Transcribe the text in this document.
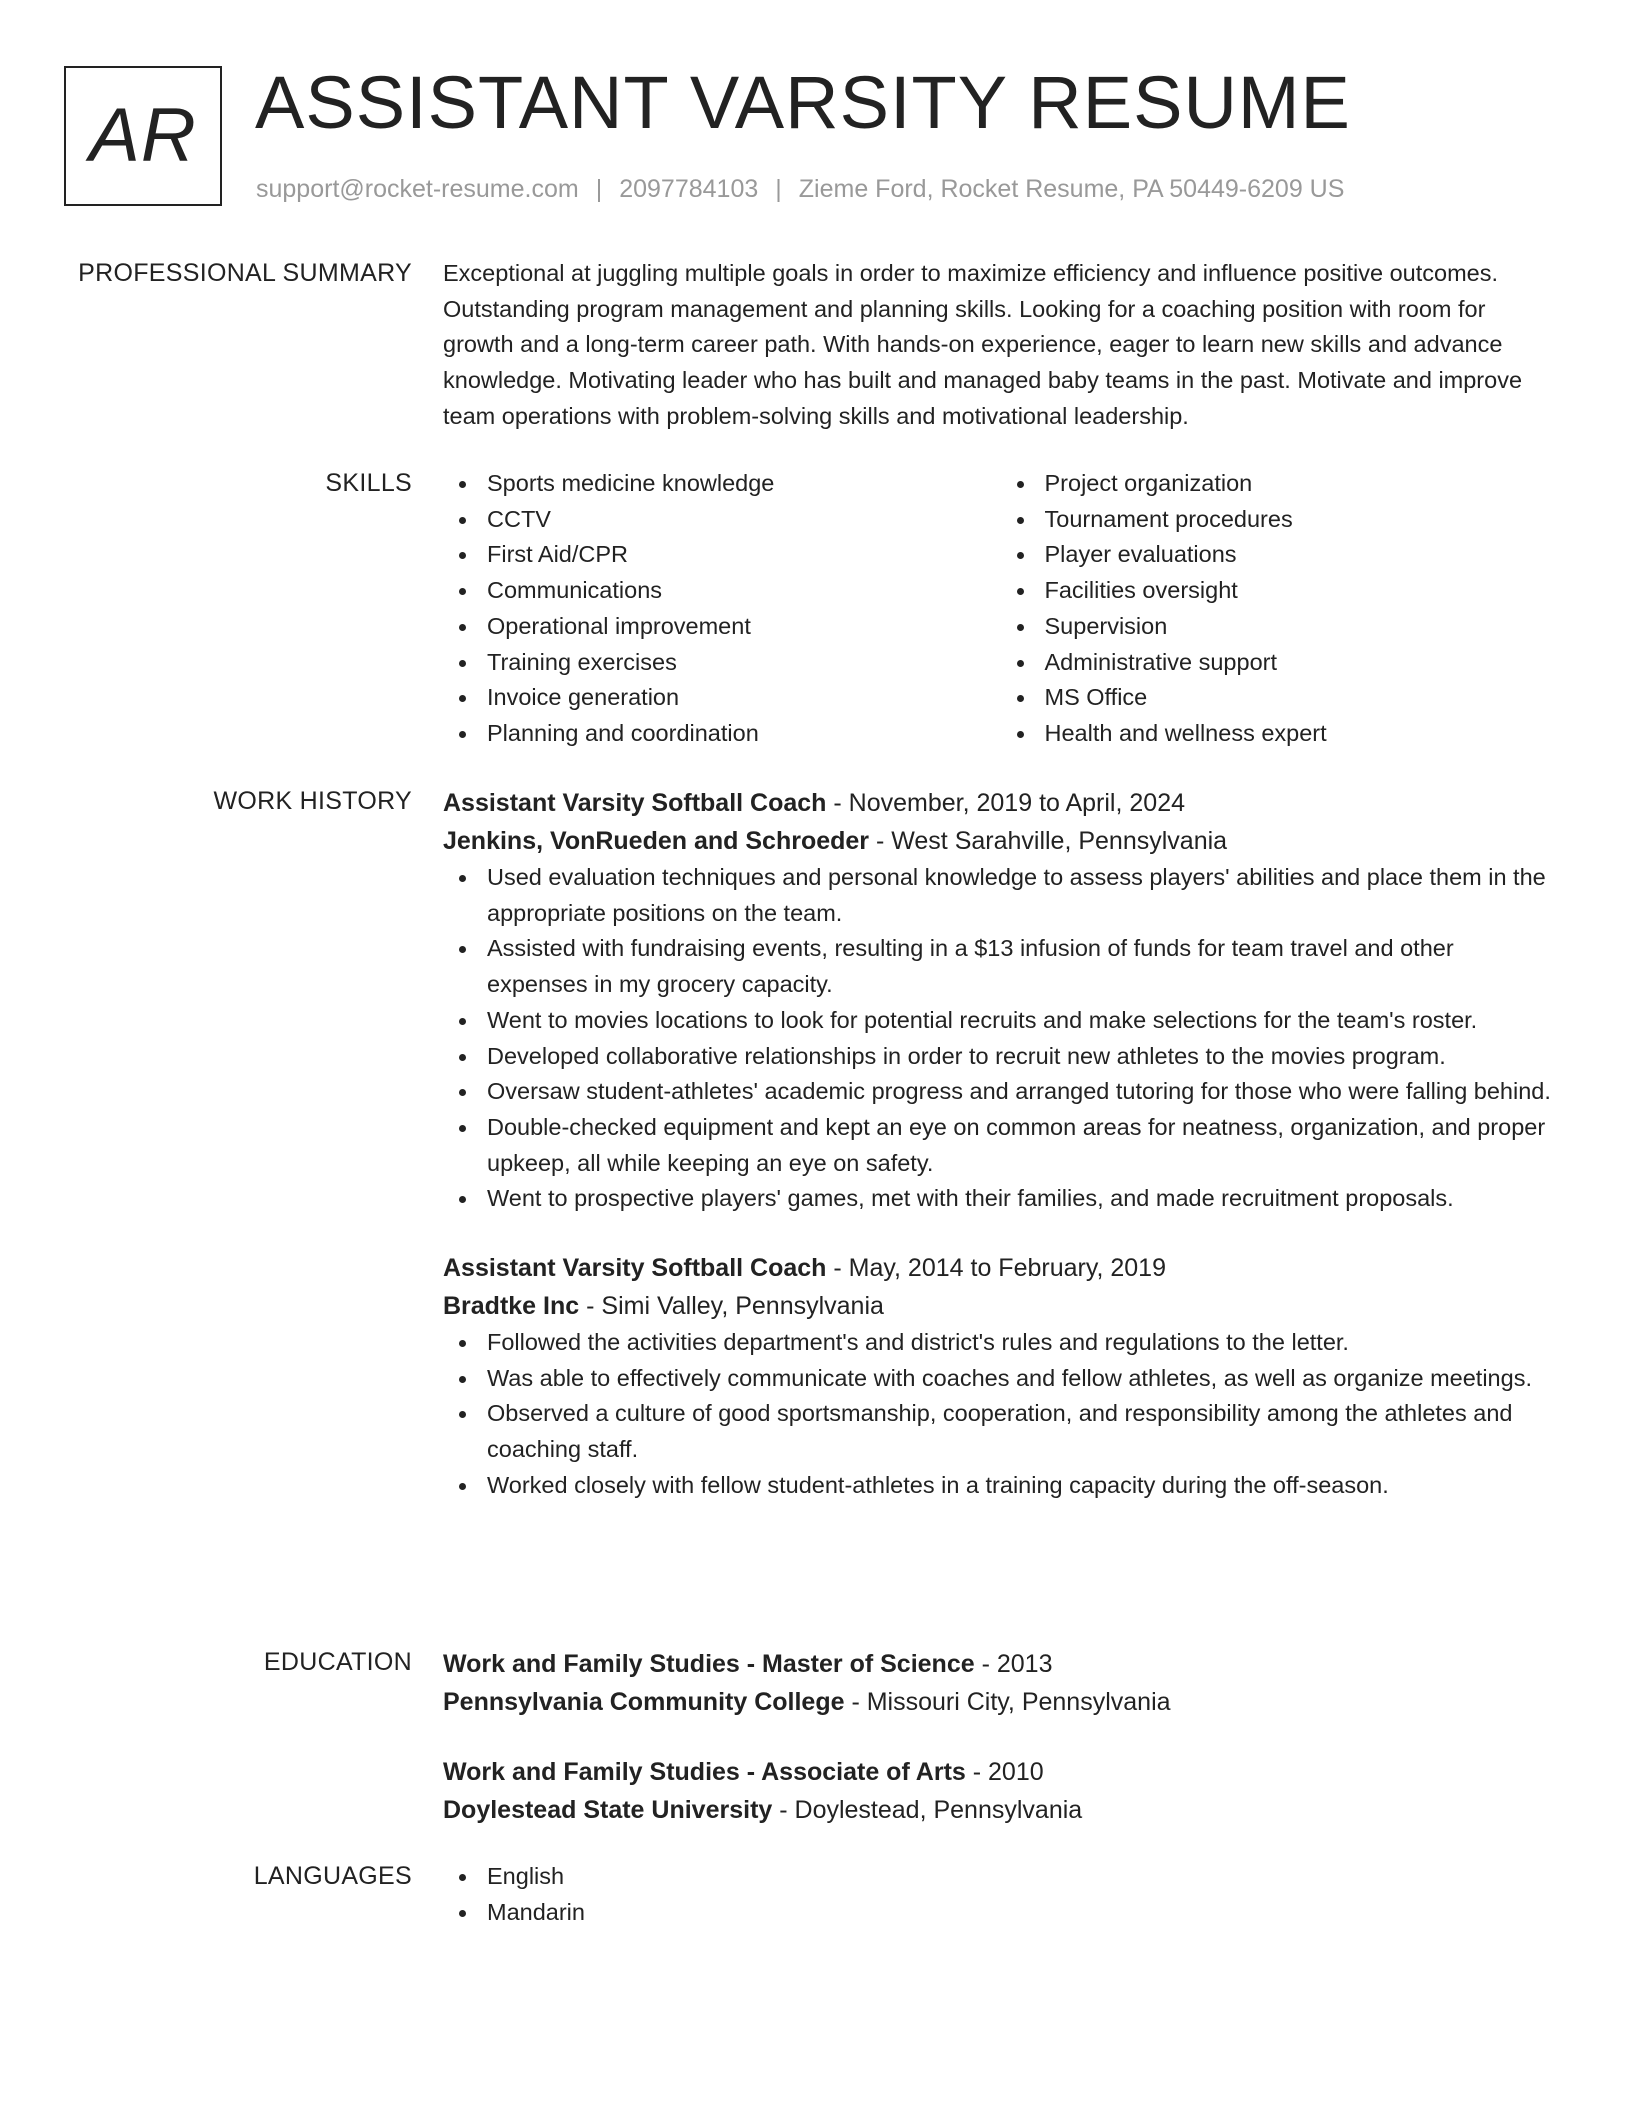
AR ASSISTANT VARSITY RESUME
support@rocket-resume.com | 2097784103 | Zieme Ford, Rocket Resume, PA 50449-6209 US
PROFESSIONAL SUMMARY Exceptional at juggling multiple goals in order to maximize efficiency and influence positive outcomes. Outstanding program management and planning skills. Looking for a coaching position with room for growth and a long-term career path. With hands-on experience, eager to learn new skills and advance knowledge. Motivating leader who has built and managed baby teams in the past. Motivate and improve team operations with problem-solving skills and motivational leadership.

SKILLS	Sports medicine knowledge
CCTV
First Aid/CPR
Communications
Operational improvement
Training exercises
Invoice generation
Planning and coordination
Project organization
Tournament procedures
Player evaluations
Facilities oversight
Supervision
Administrative support
MS Office
Health and wellness expert
WORK HISTORY Assistant Varsity Softball Coach - November, 2019 to April, 2024
Jenkins, VonRueden and Schroeder - West Sarahville, Pennsylvania
Used evaluation techniques and personal knowledge to assess players' abilities and place them in the appropriate positions on the team.
Assisted with fundraising events, resulting in a $13 infusion of funds for team travel and other expenses in my grocery capacity.
Went to movies locations to look for potential recruits and make selections for the team's roster.
Developed collaborative relationships in order to recruit new athletes to the movies program.
Oversaw student-athletes' academic progress and arranged tutoring for those who were falling behind.
Double-checked equipment and kept an eye on common areas for neatness, organization, and proper upkeep, all while keeping an eye on safety.
Went to prospective players' games, met with their families, and made recruitment proposals.
Assistant Varsity Softball Coach - May, 2014 to February, 2019
Bradtke Inc - Simi Valley, Pennsylvania
Followed the activities department's and district's rules and regulations to the letter.
Was able to effectively communicate with coaches and fellow athletes, as well as organize meetings.
Observed a culture of good sportsmanship, cooperation, and responsibility among the athletes and coaching staff.
Worked closely with fellow student-athletes in a training capacity during the off-season.
EDUCATION Work and Family Studies - Master of Science - 2013
Pennsylvania Community College - Missouri City, Pennsylvania
Work and Family Studies - Associate of Arts - 2010
Doylestead State University - Doylestead, Pennsylvania
LANGUAGES	English
Mandarin
